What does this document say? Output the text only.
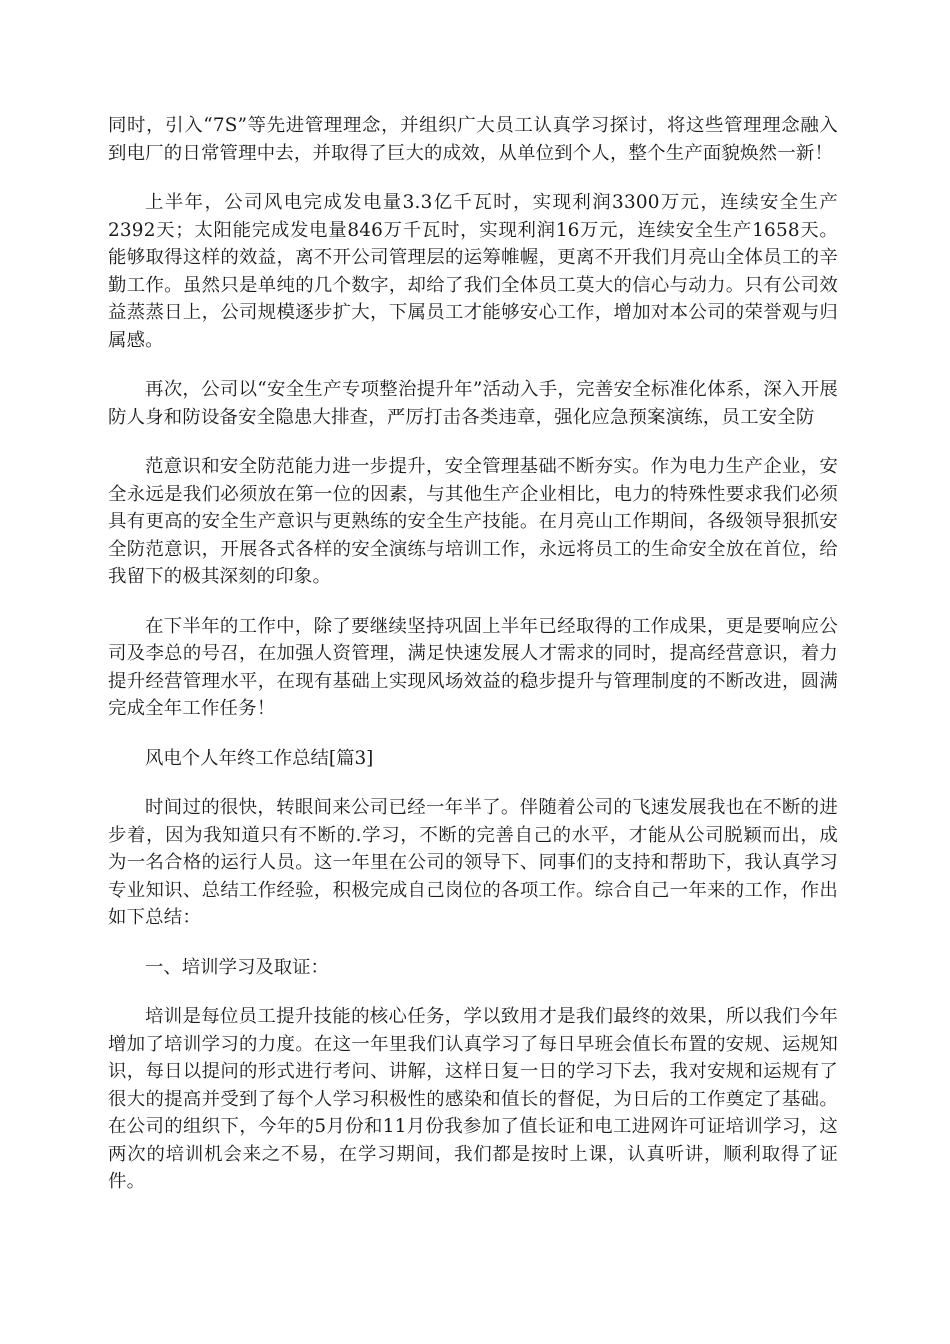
同时，引入“7S”等先进管理理念，并组织广大员工认真学习探讨，将这些管理理念融入到电厂的日常管理中去，并取得了巨大的成效，从单位到个人，整个生产面貌焕然一新！

上半年，公司风电完成发电量3.3亿千瓦时，实现利润3300万元，连续安全生产2392天；太阳能完成发电量846万千瓦时，实现利润16万元，连续安全生产1658天。能够取得这样的效益，离不开公司管理层的运筹帷幄，更离不开我们月亮山全体员工的辛勤工作。虽然只是单纯的几个数字，却给了我们全体员工莫大的信心与动力。只有公司效益蒸蒸日上，公司规模逐步扩大，下属员工才能够安心工作，增加对本公司的荣誉观与归属感。

再次，公司以“安全生产专项整治提升年”活动入手，完善安全标准化体系，深入开展防人身和防设备安全隐患大排查，严厉打击各类违章，强化应急预案演练，员工安全防

范意识和安全防范能力进一步提升，安全管理基础不断夯实。作为电力生产企业，安全永远是我们必须放在第一位的因素，与其他生产企业相比，电力的特殊性要求我们必须具有更高的安全生产意识与更熟练的安全生产技能。在月亮山工作期间，各级领导狠抓安全防范意识，开展各式各样的安全演练与培训工作，永远将员工的生命安全放在首位，给我留下的极其深刻的印象。

在下半年的工作中，除了要继续坚持巩固上半年已经取得的工作成果，更是要响应公司及李总的号召，在加强人资管理，满足快速发展人才需求的同时，提高经营意识，着力提升经营管理水平，在现有基础上实现风场效益的稳步提升与管理制度的不断改进，圆满完成全年工作任务！

风电个人年终工作总结[篇3]

时间过的很快，转眼间来公司已经一年半了。伴随着公司的飞速发展我也在不断的进步着，因为我知道只有不断的.学习，不断的完善自己的水平，才能从公司脱颖而出，成为一名合格的运行人员。这一年里在公司的领导下、同事们的支持和帮助下，我认真学习专业知识、总结工作经验，积极完成自己岗位的各项工作。综合自己一年来的工作，作出如下总结：

一、培训学习及取证：

培训是每位员工提升技能的核心任务，学以致用才是我们最终的效果，所以我们今年增加了培训学习的力度。在这一年里我们认真学习了每日早班会值长布置的安规、运规知识，每日以提问的形式进行考问、讲解，这样日复一日的学习下去，我对安规和运规有了很大的提高并受到了每个人学习积极性的感染和值长的督促，为日后的工作奠定了基础。在公司的组织下，今年的5月份和11月份我参加了值长证和电工进网许可证培训学习，这两次的培训机会来之不易，在学习期间，我们都是按时上课，认真听讲，顺利取得了证件。
